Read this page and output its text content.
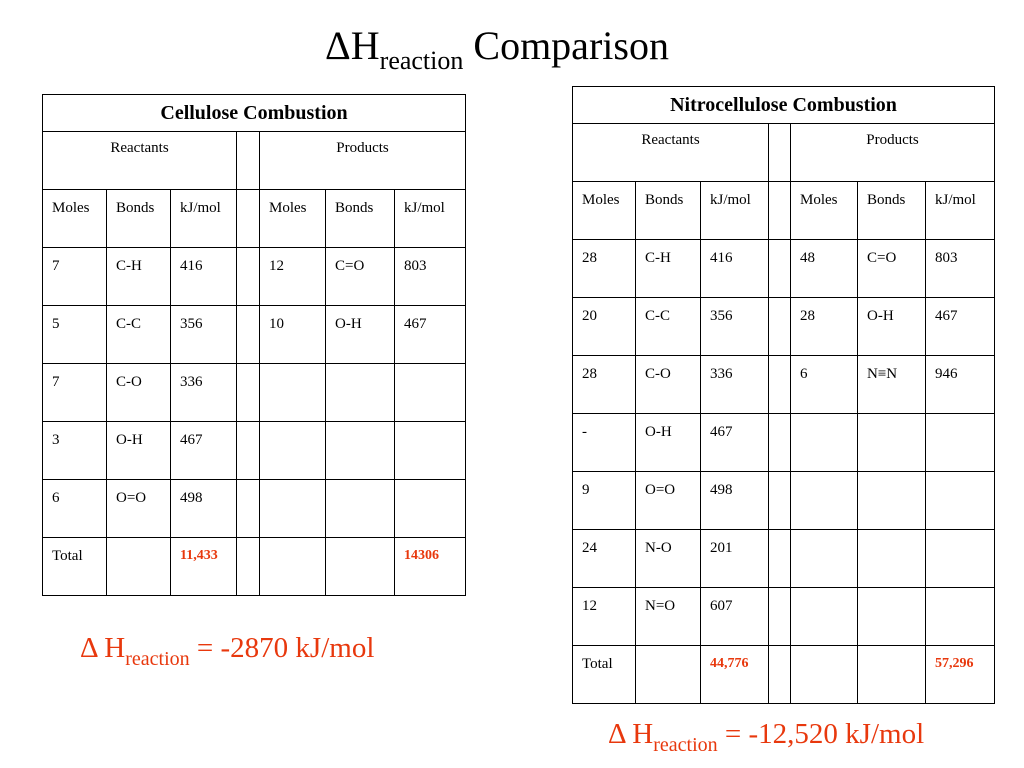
$\Delta H_{reaction}$ Comparison
Cellulose Combustion						
Reactants				Products		
Moles	Bonds	kJ/mol		Moles	Bonds	kJ/mol
7	C-H	416		12	C=O	803
5	C-C	356		10	O-H	467
7	C-O	336				
3	O-H	467				
6	O=O	498				
Total		11,433				14306
Nitrocellulose Combustion						
Reactants				Products		
Moles	Bonds	kJ/mol		Moles	Bonds	kJ/mol
28	C-H	416		48	C=O	803
20	C-C	356		28	O-H	467
28	C-O	336		6	N≡N	946
-	O-H	467				
9	O=O	498				
24	N-O	201				
12	N=O	607				
Total		44,776				57,296
Δ $H_{reaction} = -2870$ kJ/mol
Δ $H_{reaction} = -12,520$ kJ/mol
